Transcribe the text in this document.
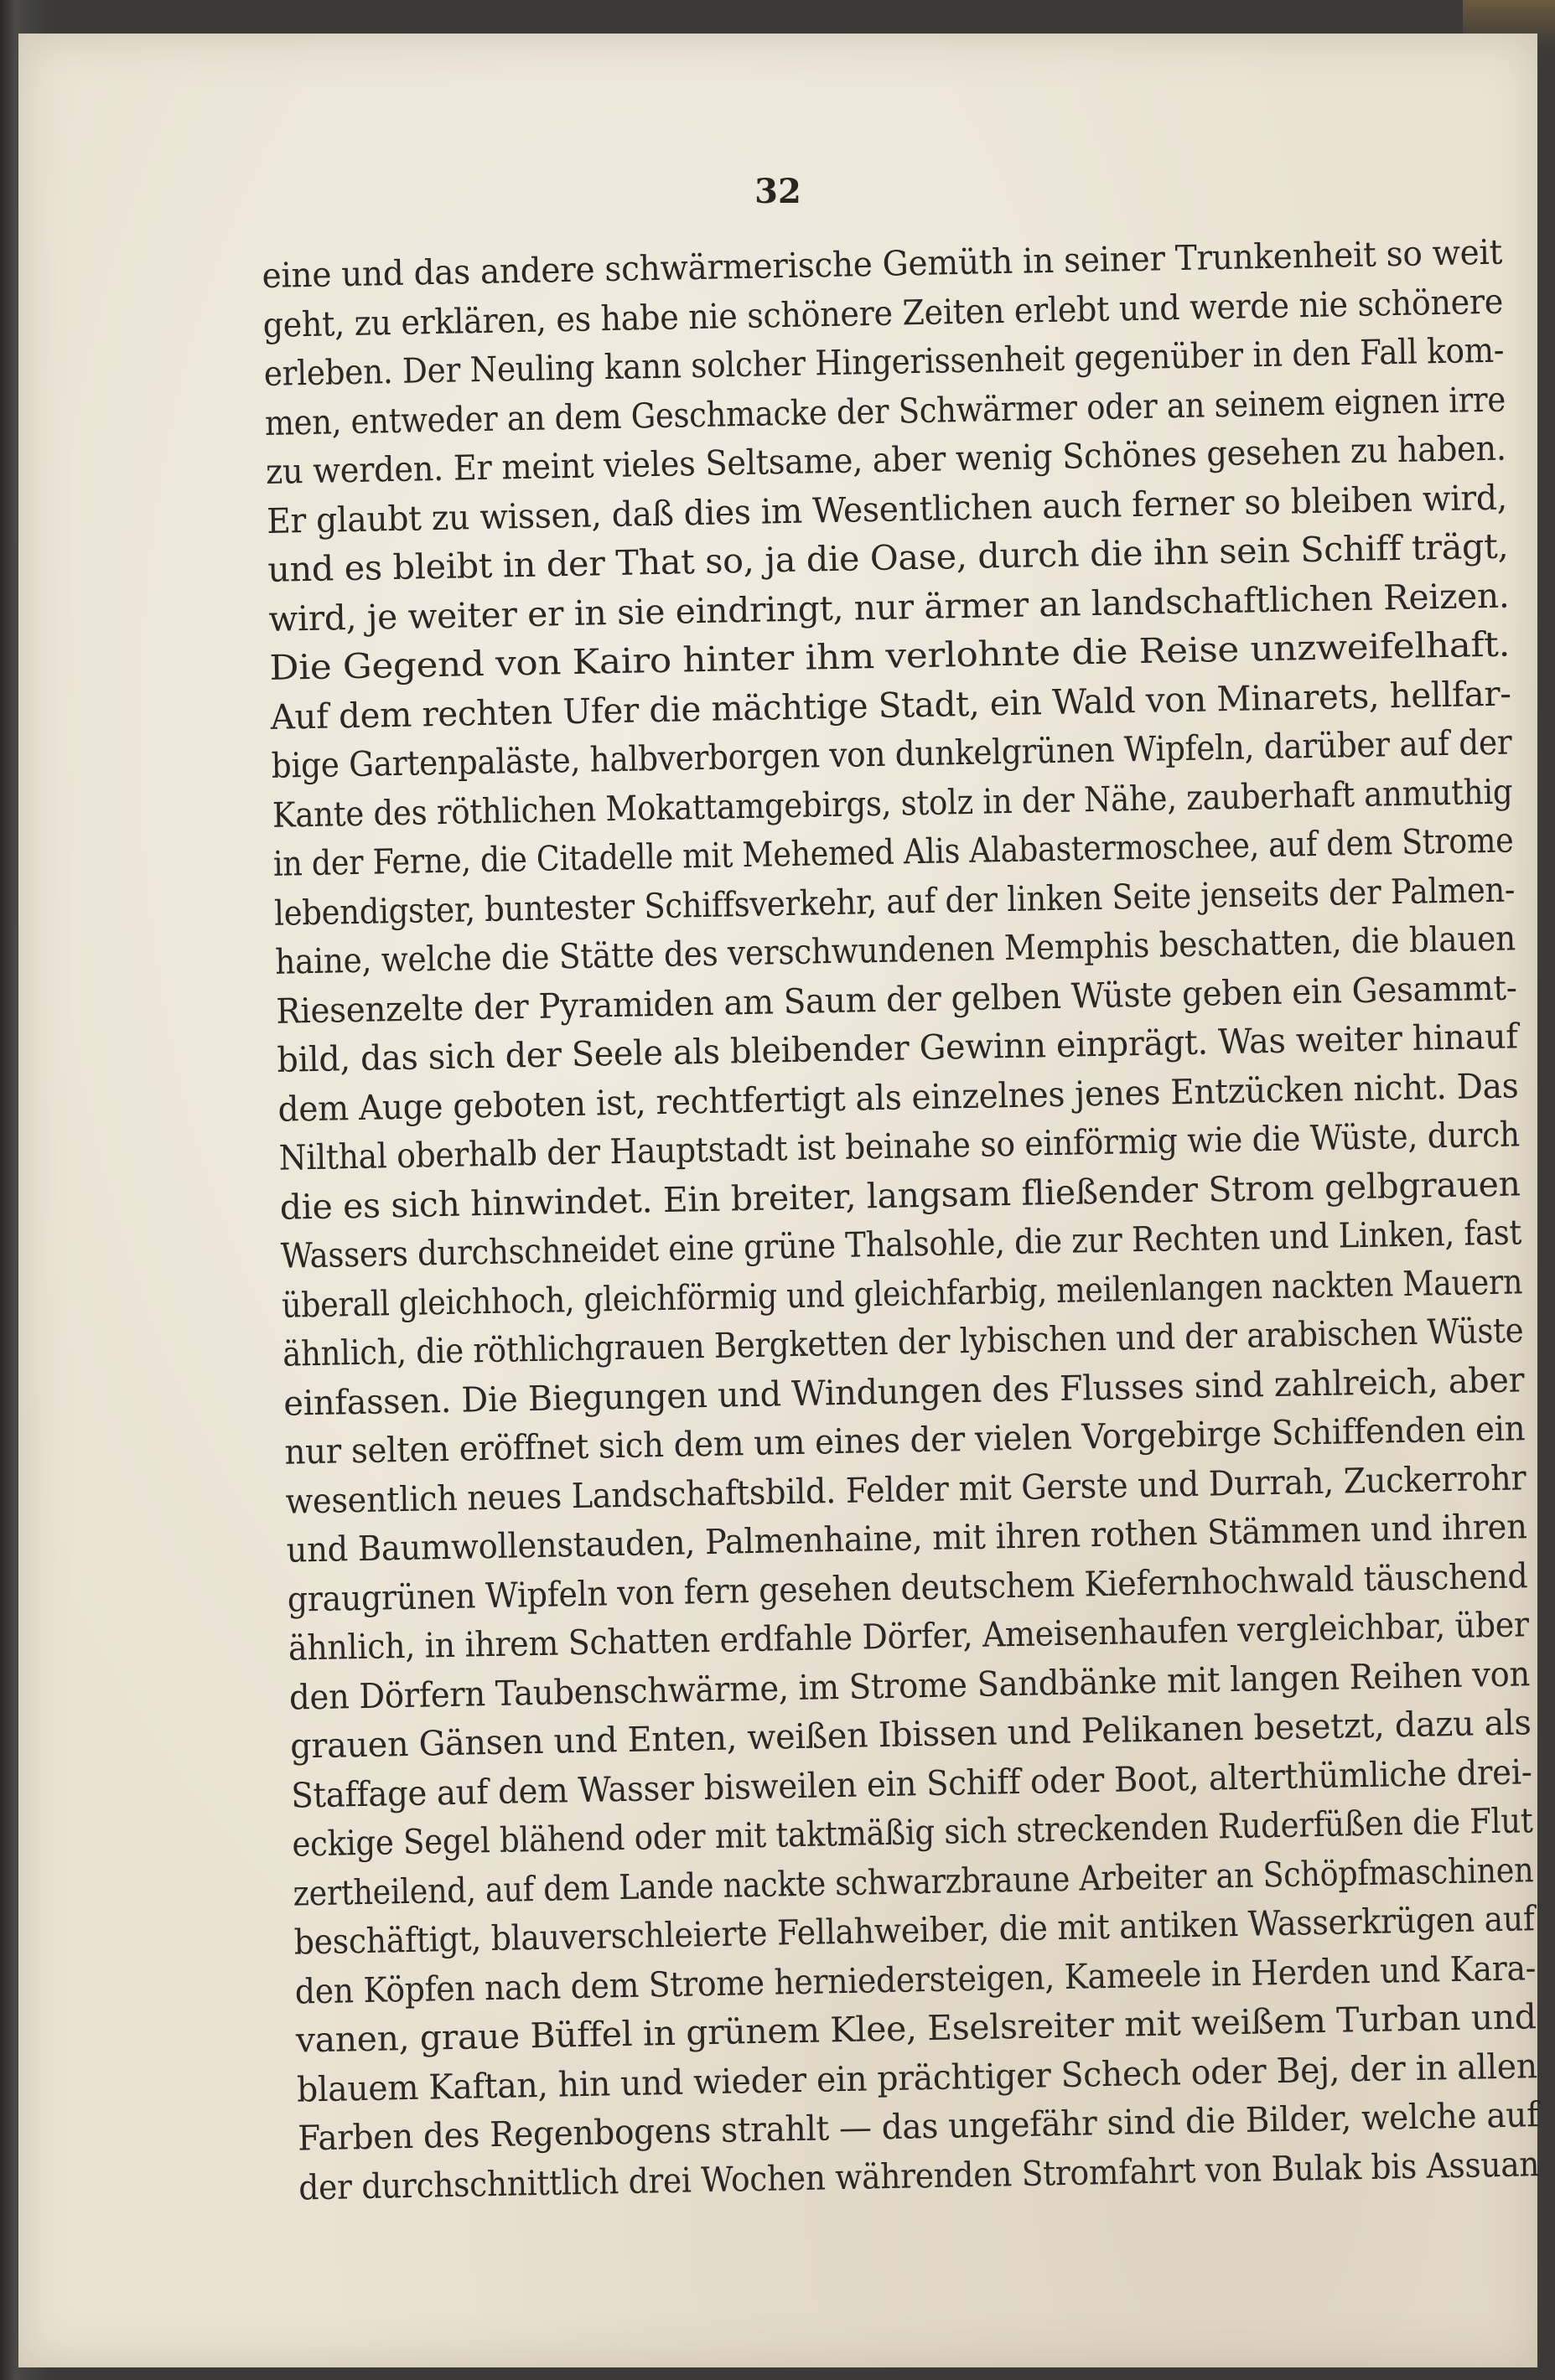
32
eine und das andere schwärmerische Gemüth in seiner Trunkenheit so weit
geht, zu erklären, es habe nie schönere Zeiten erlebt und werde nie schönere
erleben. Der Neuling kann solcher Hingerissenheit gegenüber in den Fall kom-
men, entweder an dem Geschmacke der Schwärmer oder an seinem eignen irre
zu werden. Er meint vieles Seltsame, aber wenig Schönes gesehen zu haben.
Er glaubt zu wissen, daß dies im Wesentlichen auch ferner so bleiben wird,
und es bleibt in der That so, ja die Oase, durch die ihn sein Schiff trägt,
wird, je weiter er in sie eindringt, nur ärmer an landschaftlichen Reizen.
Die Gegend von Kairo hinter ihm verlohnte die Reise unzweifelhaft.
Auf dem rechten Ufer die mächtige Stadt, ein Wald von Minarets, hellfar-
bige Gartenpaläste, halbverborgen von dunkelgrünen Wipfeln, darüber auf der
Kante des röthlichen Mokattamgebirgs, stolz in der Nähe, zauberhaft anmuthig
in der Ferne, die Citadelle mit Mehemed Alis Alabastermoschee, auf dem Strome
lebendigster, buntester Schiffsverkehr, auf der linken Seite jenseits der Palmen-
haine, welche die Stätte des verschwundenen Memphis beschatten, die blauen
Riesenzelte der Pyramiden am Saum der gelben Wüste geben ein Gesammt-
bild, das sich der Seele als bleibender Gewinn einprägt. Was weiter hinauf
dem Auge geboten ist, rechtfertigt als einzelnes jenes Entzücken nicht. Das
Nilthal oberhalb der Hauptstadt ist beinahe so einförmig wie die Wüste, durch
die es sich hinwindet. Ein breiter, langsam fließender Strom gelbgrauen
Wassers durchschneidet eine grüne Thalsohle, die zur Rechten und Linken, fast
überall gleichhoch, gleichförmig und gleichfarbig, meilenlangen nackten Mauern
ähnlich, die röthlichgrauen Bergketten der lybischen und der arabischen Wüste
einfassen. Die Biegungen und Windungen des Flusses sind zahlreich, aber
nur selten eröffnet sich dem um eines der vielen Vorgebirge Schiffenden ein
wesentlich neues Landschaftsbild. Felder mit Gerste und Durrah, Zuckerrohr
und Baumwollenstauden, Palmenhaine, mit ihren rothen Stämmen und ihren
graugrünen Wipfeln von fern gesehen deutschem Kiefernhochwald täuschend
ähnlich, in ihrem Schatten erdfahle Dörfer, Ameisenhaufen vergleichbar, über
den Dörfern Taubenschwärme, im Strome Sandbänke mit langen Reihen von
grauen Gänsen und Enten, weißen Ibissen und Pelikanen besetzt, dazu als
Staffage auf dem Wasser bisweilen ein Schiff oder Boot, alterthümliche drei-
eckige Segel blähend oder mit taktmäßig sich streckenden Ruderfüßen die Flut
zertheilend, auf dem Lande nackte schwarzbraune Arbeiter an Schöpfmaschinen
beschäftigt, blauverschleierte Fellahweiber, die mit antiken Wasserkrügen auf
den Köpfen nach dem Strome herniedersteigen, Kameele in Herden und Kara-
vanen, graue Büffel in grünem Klee, Eselsreiter mit weißem Turban und
blauem Kaftan, hin und wieder ein prächtiger Schech oder Bej, der in allen
Farben des Regenbogens strahlt — das ungefähr sind die Bilder, welche auf
der durchschnittlich drei Wochen währenden Stromfahrt von Bulak bis Assuan
